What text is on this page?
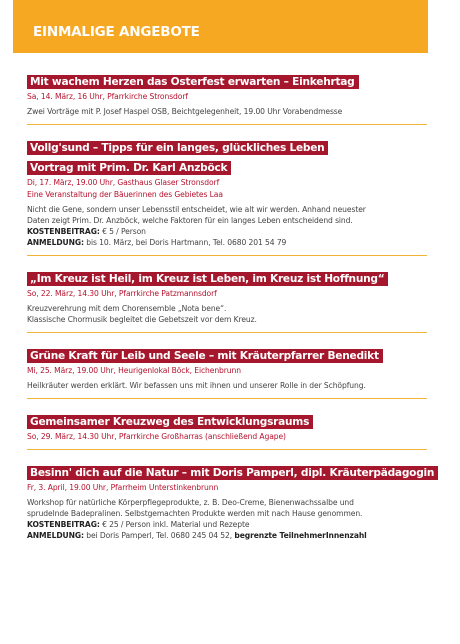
EINMALIGE ANGEBOTE
Mit wachem Herzen das Osterfest erwarten – Einkehrtag
Sa, 14. März, 16 Uhr, Pfarrkirche Stronsdorf
Zwei Vorträge mit P. Josef Haspel OSB, Beichtgelegenheit, 19.00 Uhr Vorabendmesse
Vollg'sund – Tipps für ein langes, glückliches Leben
Vortrag mit Prim. Dr. Karl Anzböck
Di, 17. März, 19.00 Uhr, Gasthaus Glaser Stronsdorf
Eine Veranstaltung der Bäuerinnen des Gebietes Laa
Nicht die Gene, sondern unser Lebensstil entscheidet, wie alt wir werden. Anhand neuester
Daten zeigt Prim. Dr. Anzböck, welche Faktoren für ein langes Leben entscheidend sind.
KOSTENBEITRAG: € 5 / Person
ANMELDUNG: bis 10. März, bei Doris Hartmann, Tel. 0680 201 54 79
„Im Kreuz ist Heil, im Kreuz ist Leben, im Kreuz ist Hoffnung“
So, 22. März, 14.30 Uhr, Pfarrkirche Patzmannsdorf
Kreuzverehrung mit dem Chorensemble „Nota bene“.
Klassische Chormusik begleitet die Gebetszeit vor dem Kreuz.
Grüne Kraft für Leib und Seele – mit Kräuterpfarrer Benedikt
Mi, 25. März, 19.00 Uhr, Heurigenlokal Böck, Eichenbrunn
Heilkräuter werden erklärt. Wir befassen uns mit ihnen und unserer Rolle in der Schöpfung.
Gemeinsamer Kreuzweg des Entwicklungsraums
So, 29. März, 14.30 Uhr, Pfarrkirche Großharras (anschließend Agape)
Besinn' dich auf die Natur – mit Doris Pamperl, dipl. Kräuterpädagogin
Fr, 3. April, 19.00 Uhr, Pfarrheim Unterstinkenbrunn
Workshop für natürliche Körperpflegeprodukte, z. B. Deo-Creme, Bienenwachssalbe und
sprudelnde Badepralinen. Selbstgemachten Produkte werden mit nach Hause genommen.
KOSTENBEITRAG: € 25 / Person inkl. Material und Rezepte
ANMELDUNG: bei Doris Pamperl, Tel. 0680 245 04 52, begrenzte TeilnehmerInnenzahl
